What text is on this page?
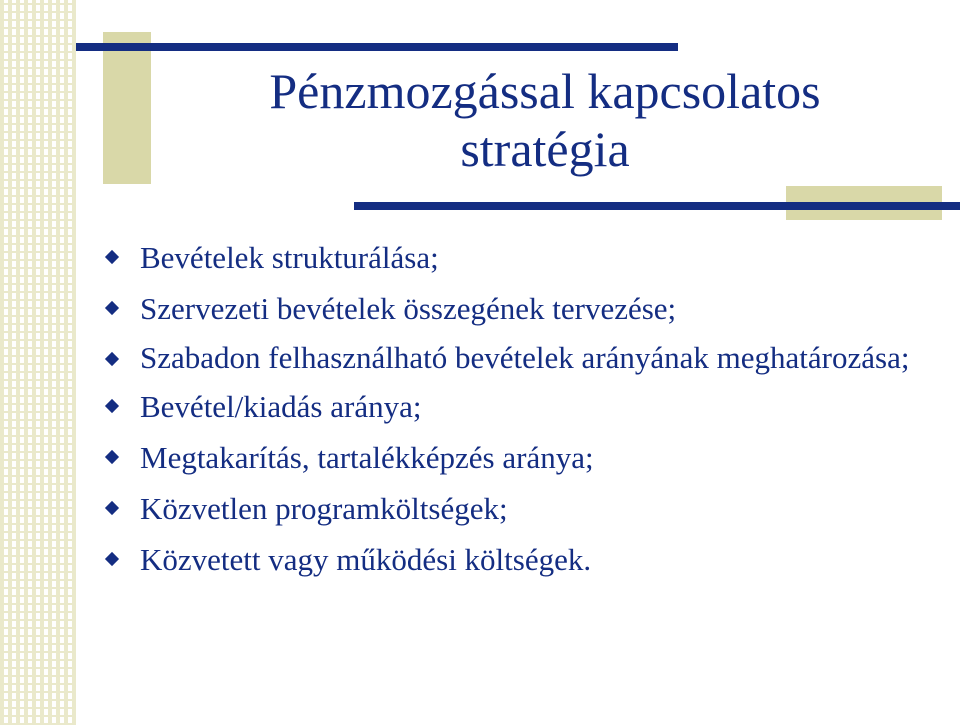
Pénzmozgással kapcsolatos
stratégia
Bevételek strukturálása;
Szervezeti bevételek összegének tervezése;
Szabadon felhasználható bevételek arányának meghatározása;
Bevétel/kiadás aránya;
Megtakarítás, tartalékképzés aránya;
Közvetlen programköltségek;
Közvetett vagy működési költségek.
